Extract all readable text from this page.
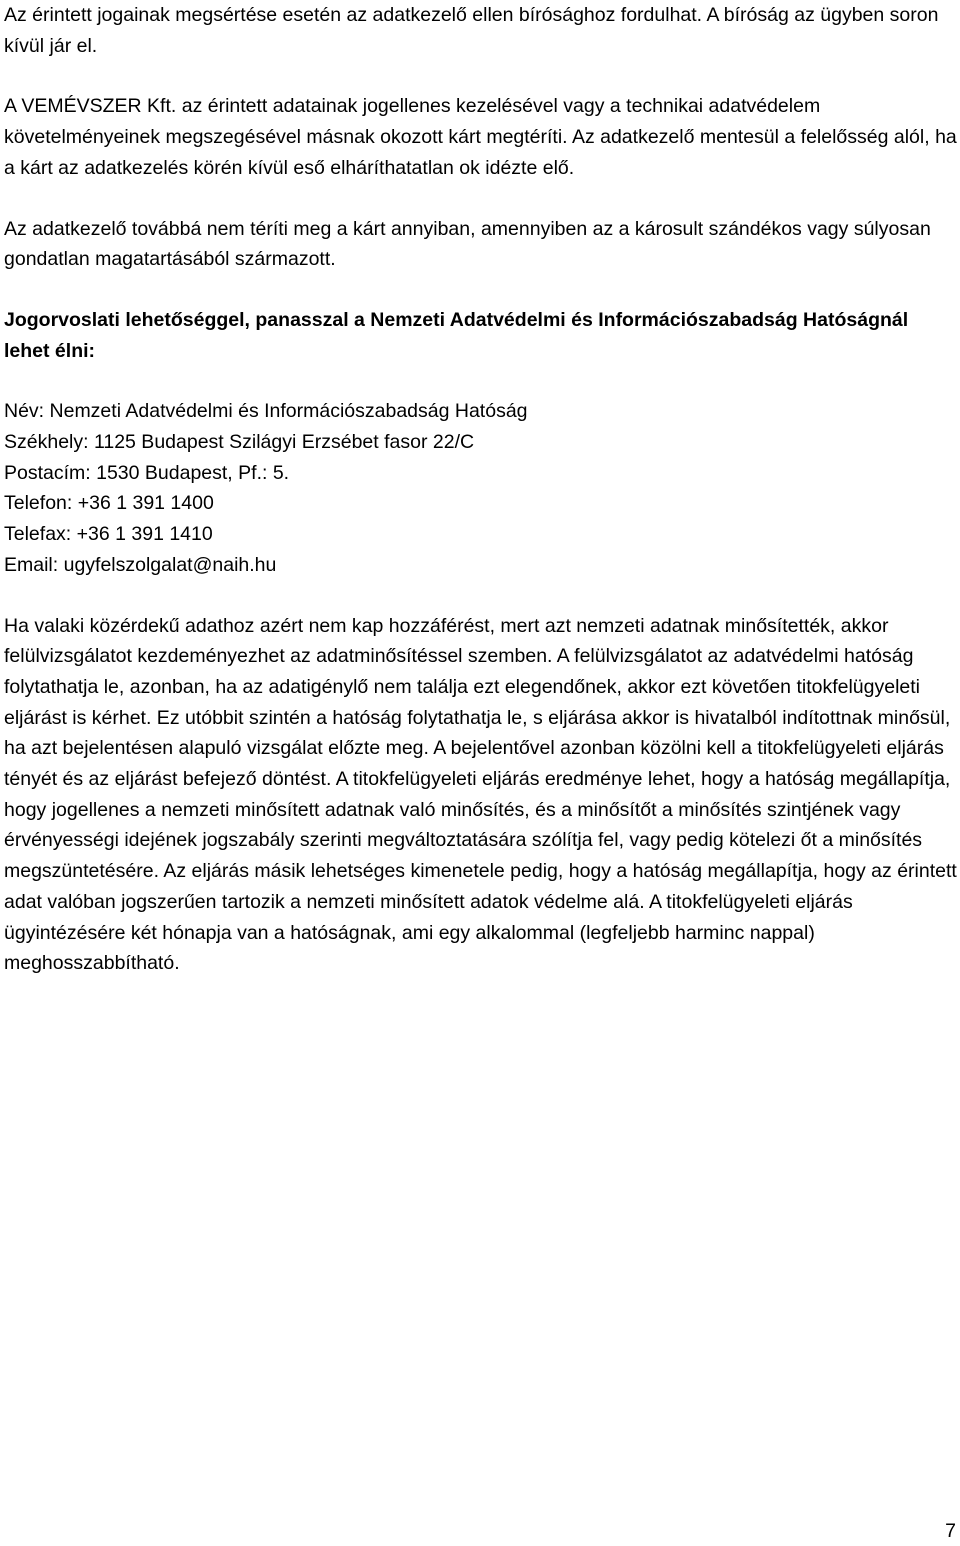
Az érintett jogainak megsértése esetén az adatkezelő ellen bírósághoz fordulhat. A bíróság az ügyben soron kívül jár el.

A VEMÉVSZER Kft. az érintett adatainak jogellenes kezelésével vagy a technikai adatvédelem követelményeinek megszegésével másnak okozott kárt megtéríti. Az adatkezelő mentesül a felelősség alól, ha a kárt az adatkezelés körén kívül eső elháríthatatlan ok idézte elő.

Az adatkezelő továbbá nem téríti meg a kárt annyiban, amennyiben az a károsult szándékos vagy súlyosan gondatlan magatartásából származott.

Jogorvoslati lehetőséggel, panasszal a Nemzeti Adatvédelmi és Információszabadság Hatóságnál lehet élni:

Név: Nemzeti Adatvédelmi és Információszabadság Hatóság
Székhely: 1125 Budapest Szilágyi Erzsébet fasor 22/C
Postacím: 1530 Budapest, Pf.: 5.
Telefon: +36 1 391 1400
Telefax: +36 1 391 1410
Email: ugyfelszolgalat@naih.hu

Ha valaki közérdekű adathoz azért nem kap hozzáférést, mert azt nemzeti adatnak minősítették, akkor felülvizsgálatot kezdeményezhet az adatminősítéssel szemben. A felülvizsgálatot az adatvédelmi hatóság folytathatja le, azonban, ha az adatigénylő nem találja ezt elegendőnek, akkor ezt követően titokfelügyeleti eljárást is kérhet. Ez utóbbit szintén a hatóság folytathatja le, s eljárása akkor is hivatalból indítottnak minősül, ha azt bejelentésen alapuló vizsgálat előzte meg. A bejelentővel azonban közölni kell a titokfelügyeleti eljárás tényét és az eljárást befejező döntést. A titokfelügyeleti eljárás eredménye lehet, hogy a hatóság megállapítja, hogy jogellenes a nemzeti minősített adatnak való minősítés, és a minősítőt a minősítés szintjének vagy érvényességi idejének jogszabály szerinti megváltoztatására szólítja fel, vagy pedig kötelezi őt a minősítés megszüntetésére. Az eljárás másik lehetséges kimenetele pedig, hogy a hatóság megállapítja, hogy az érintett adat valóban jogszerűen tartozik a nemzeti minősített adatok védelme alá. A titokfelügyeleti eljárás ügyintézésére két hónapja van a hatóságnak, ami egy alkalommal (legfeljebb harminc nappal) meghosszabbítható.

7
